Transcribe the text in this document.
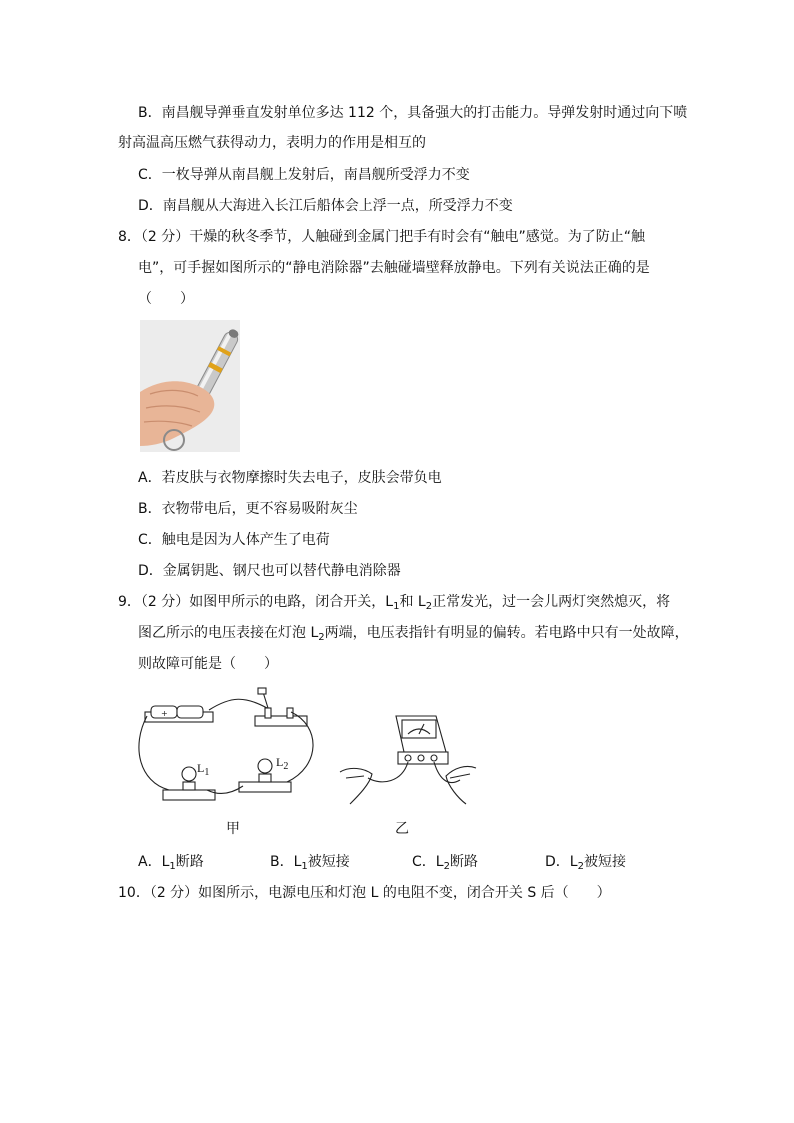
B．南昌舰导弹垂直发射单位多达 112 个，具备强大的打击能力。导弹发射时通过向下喷
射高温高压燃气获得动力，表明力的作用是相互的
C．一枚导弹从南昌舰上发射后，南昌舰所受浮力不变
D．南昌舰从大海进入长江后船体会上浮一点，所受浮力不变
8．（2 分）干燥的秋冬季节，人触碰到金属门把手有时会有“触电”感觉。为了防止“触
电”，可手握如图所示的“静电消除器”去触碰墙壁释放静电。下列有关说法正确的是
（　　）
A．若皮肤与衣物摩擦时失去电子，皮肤会带负电
B．衣物带电后，更不容易吸附灰尘
C．触电是因为人体产生了电荷
D．金属钥匙、钢尺也可以替代静电消除器
9．（2 分）如图甲所示的电路，闭合开关，$L_1$和 $L_2$正常发光，过一会儿两灯突然熄灭，将
图乙所示的电压表接在灯泡 $L_2$两端，电压表指针有明显的偏转。若电路中只有一处故障，
则故障可能是（　　）
+
$L_1$
$L_2$
甲	乙
A．$L_1$断路	B．$L_1$被短接	C．$L_2$断路	D．$L_2$被短接
10．（2 分）如图所示，电源电压和灯泡 L 的电阻不变，闭合开关 S 后（　　）
